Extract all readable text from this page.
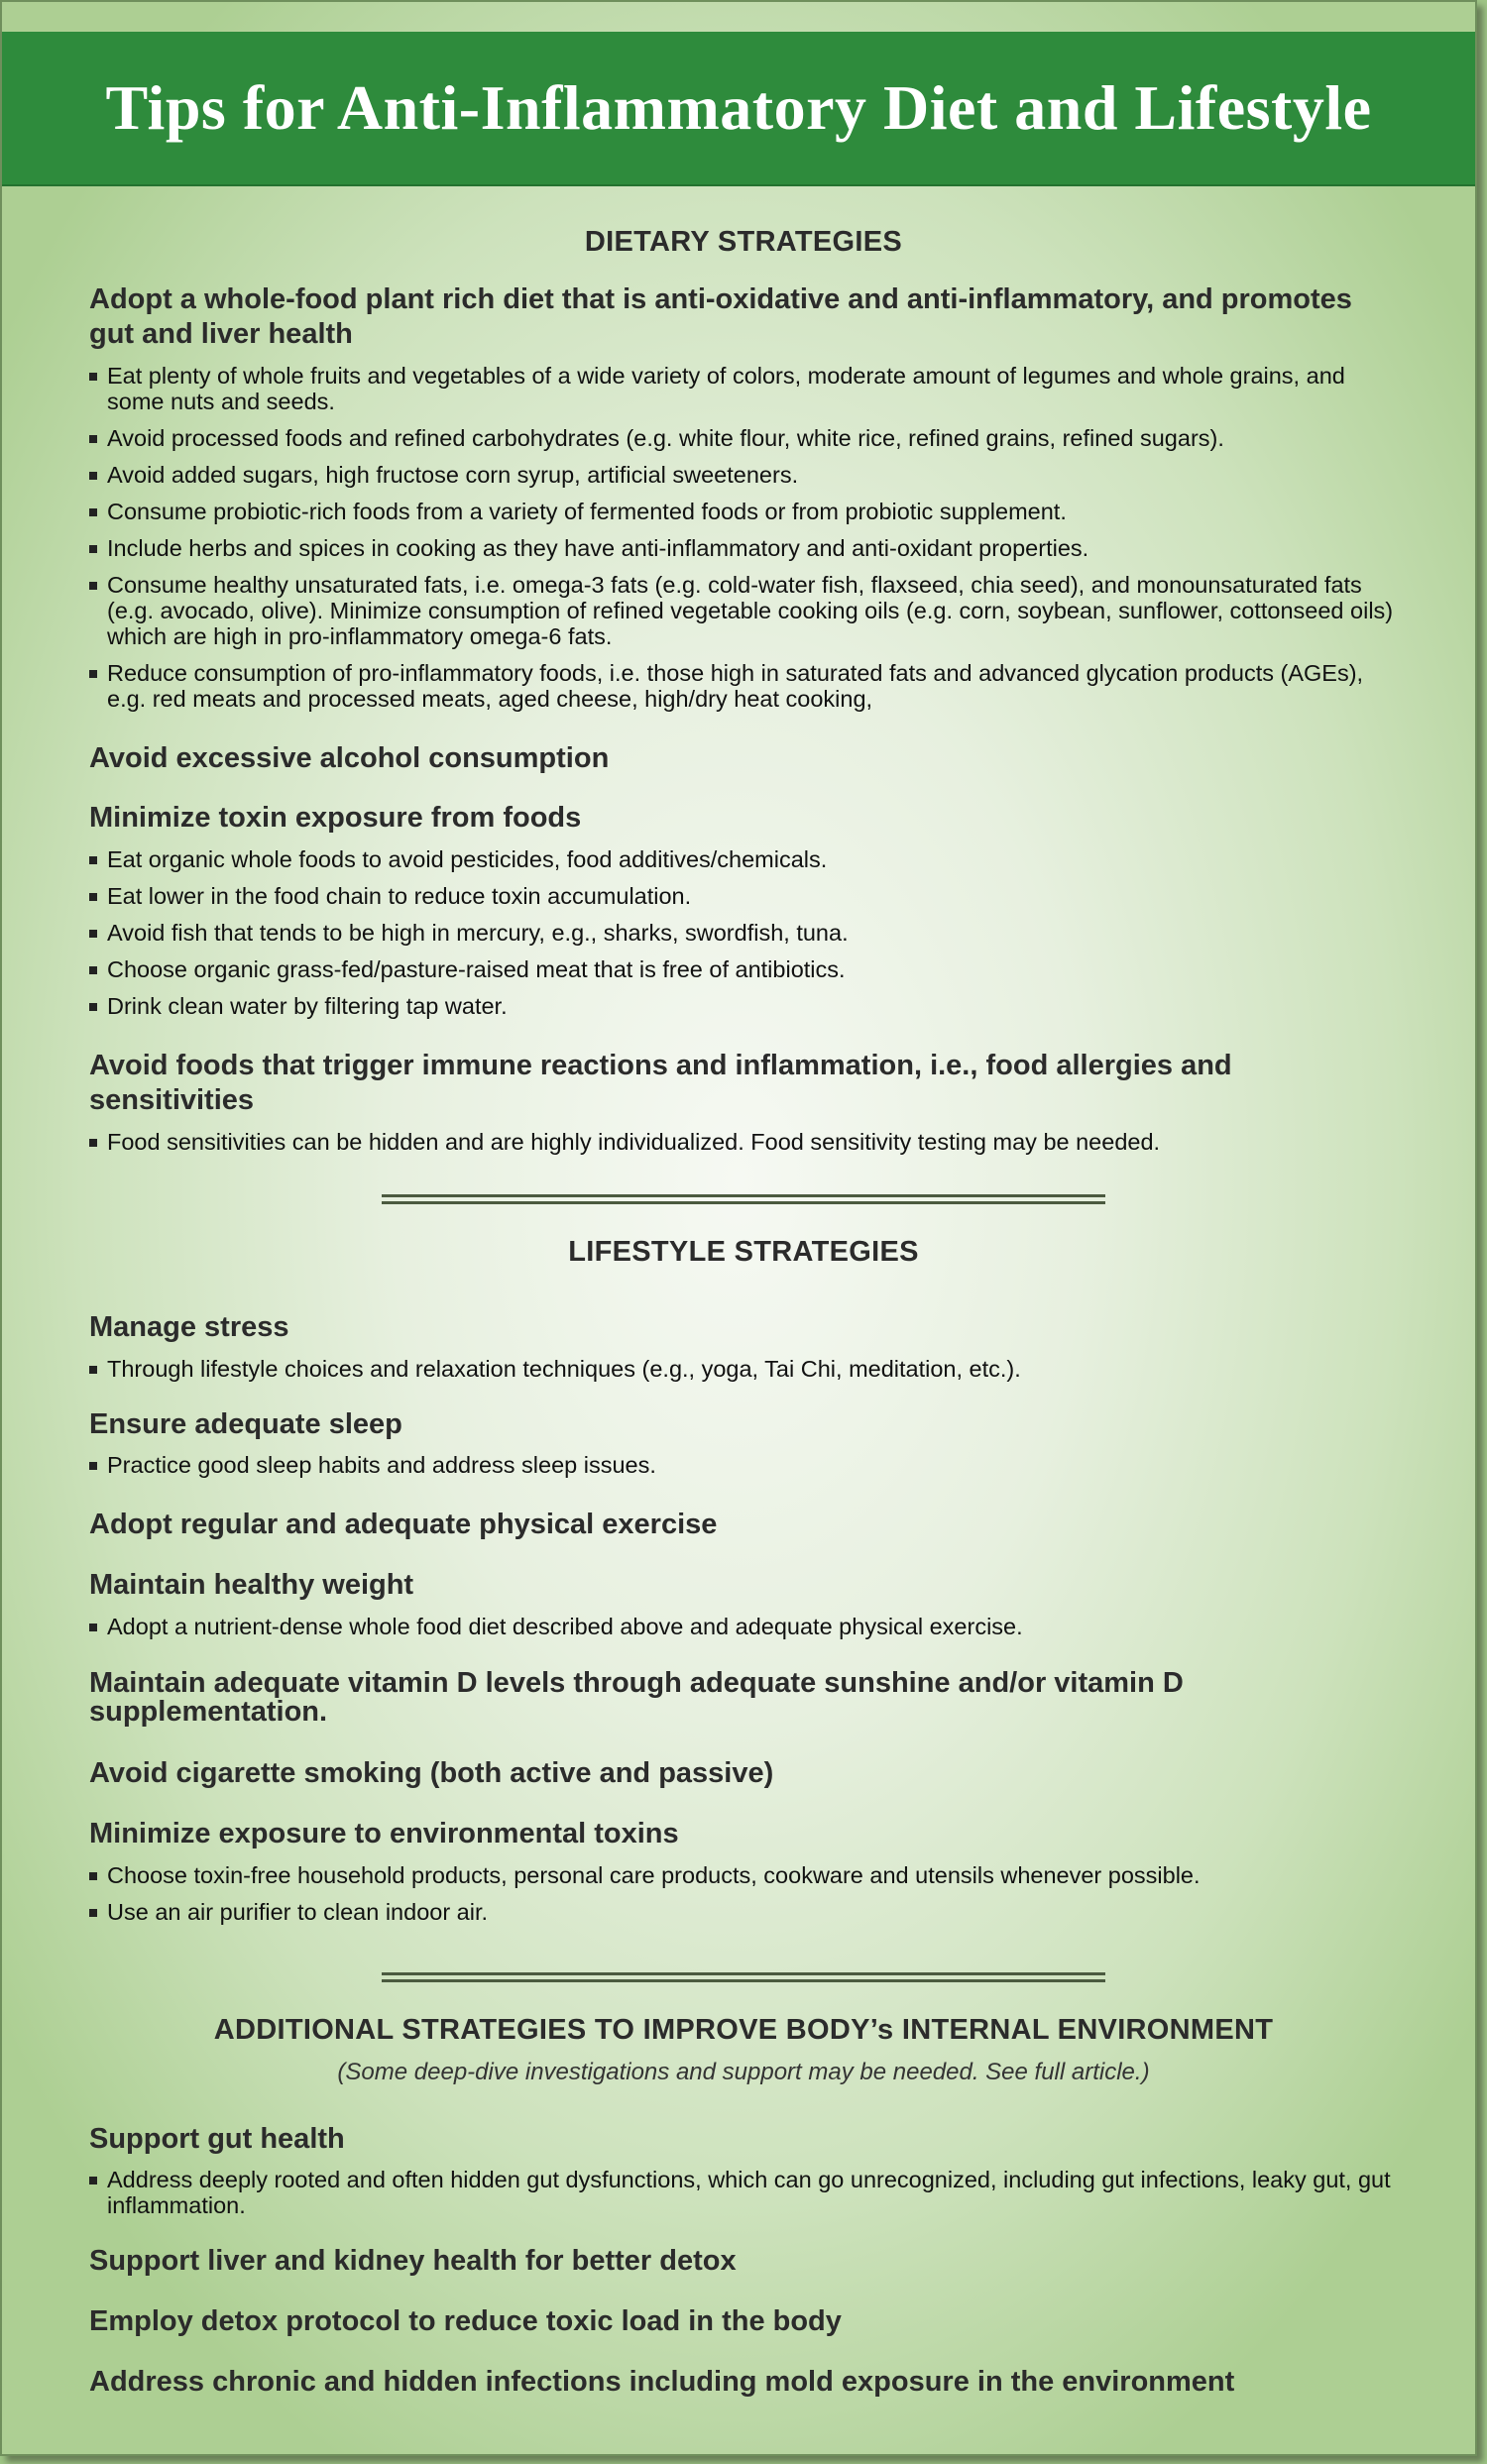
Tips for Anti-Inflammatory Diet and Lifestyle
DIETARY STRATEGIES
Adopt a whole-food plant rich diet that is anti-oxidative and anti-inflammatory, and promotes gut and liver health
Eat plenty of whole fruits and vegetables of a wide variety of colors, moderate amount of legumes and whole grains, and some nuts and seeds.
Avoid processed foods and refined carbohydrates (e.g. white flour, white rice, refined grains, refined sugars).
Avoid added sugars, high fructose corn syrup, artificial sweeteners.
Consume probiotic-rich foods from a variety of fermented foods or from probiotic supplement.
Include herbs and spices in cooking as they have anti-inflammatory and anti-oxidant properties.
Consume healthy unsaturated fats, i.e. omega-3 fats (e.g. cold-water fish, flaxseed, chia seed), and monounsaturated fats (e.g. avocado, olive). Minimize consumption of refined vegetable cooking oils (e.g. corn, soybean, sunflower, cottonseed oils) which are high in pro-inflammatory omega-6 fats.
Reduce consumption of pro-inflammatory foods, i.e. those high in saturated fats and advanced glycation products (AGEs), e.g. red meats and processed meats, aged cheese, high/dry heat cooking,
Avoid excessive alcohol consumption
Minimize toxin exposure from foods
Eat organic whole foods to avoid pesticides, food additives/chemicals.
Eat lower in the food chain to reduce toxin accumulation.
Avoid fish that tends to be high in mercury, e.g., sharks, swordfish, tuna.
Choose organic grass-fed/pasture-raised meat that is free of antibiotics.
Drink clean water by filtering tap water.
Avoid foods that trigger immune reactions and inflammation, i.e., food allergies and sensitivities
Food sensitivities can be hidden and are highly individualized. Food sensitivity testing may be needed.
LIFESTYLE STRATEGIES
Manage stress
Through lifestyle choices and relaxation techniques (e.g., yoga, Tai Chi, meditation, etc.).
Ensure adequate sleep
Practice good sleep habits and address sleep issues.
Adopt regular and adequate physical exercise
Maintain healthy weight
Adopt a nutrient-dense whole food diet described above and adequate physical exercise.
Maintain adequate vitamin D levels through adequate sunshine and/or vitamin D supplementation.
Avoid cigarette smoking (both active and passive)
Minimize exposure to environmental toxins
Choose toxin-free household products, personal care products, cookware and utensils whenever possible.
Use an air purifier to clean indoor air.
ADDITIONAL STRATEGIES TO IMPROVE BODY’s INTERNAL ENVIRONMENT
(Some deep-dive investigations and support may be needed. See full article.)
Support gut health
Address deeply rooted and often hidden gut dysfunctions, which can go unrecognized, including gut infections, leaky gut, gut inflammation.
Support liver and kidney health for better detox
Employ detox protocol to reduce toxic load in the body
Address chronic and hidden infections including mold exposure in the environment
